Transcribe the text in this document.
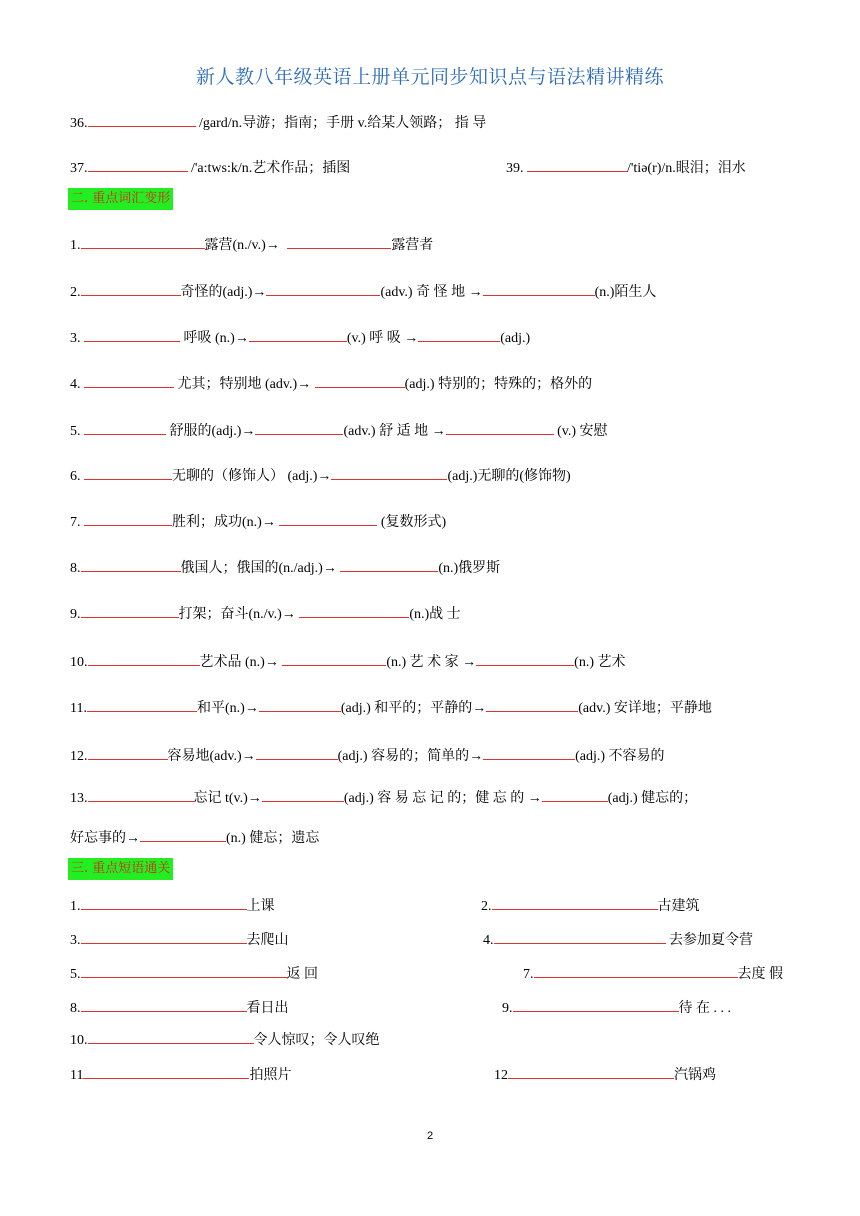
新人教八年级英语上册单元同步知识点与语法精讲精练
36.	/gard/n.导游；指南；手册 v.给某人领路； 指 导
37.	/'a:tws:k/n.艺术作品；插图	39.	/'tiə(r)/n.眼泪；泪水
二. 重点词汇变形
1.	露营(n./v.)→	露营者
2.	奇怪的(adj.)→	(adv.) 奇 怪 地 →	(n.)陌生人
3.	呼吸 (n.)→	(v.) 呼 吸 →	(adj.)
4.	尤其；特别地 (adv.)→	(adj.) 特别的；特殊的；格外的
5.	舒服的(adj.)→	(adv.) 舒 适 地 →	(v.) 安慰
6.	无聊的（修饰人） (adj.)→	(adj.)无聊的(修饰物)
7.	胜利；成功(n.)→	(复数形式)
8.	俄国人；俄国的(n./adj.)→	(n.)俄罗斯
9.	打架；奋斗(n./v.)→	(n.)战 士
10.	艺术品 (n.)→	(n.) 艺 术 家 →	(n.) 艺术
11.	和平(n.)→	(adj.) 和平的；平静的→	(adv.) 安详地；平静地
12.	容易地(adv.)→	(adj.) 容易的；简单的→	(adj.) 不容易的
13.	忘记 t(v.)→	(adj.) 容 易 忘 记 的；健 忘 的 →	(adj.) 健忘的；
好忘事的→	(n.) 健忘；遗忘
三. 重点短语通关
1.	上课	2.	古建筑
3.	去爬山	4.	去参加夏令营
5.	返 回	7.	去度 假
8.	看日出	9.	待 在 . . .
10.	令人惊叹；令人叹绝
11	拍照片	12	汽锅鸡
2
